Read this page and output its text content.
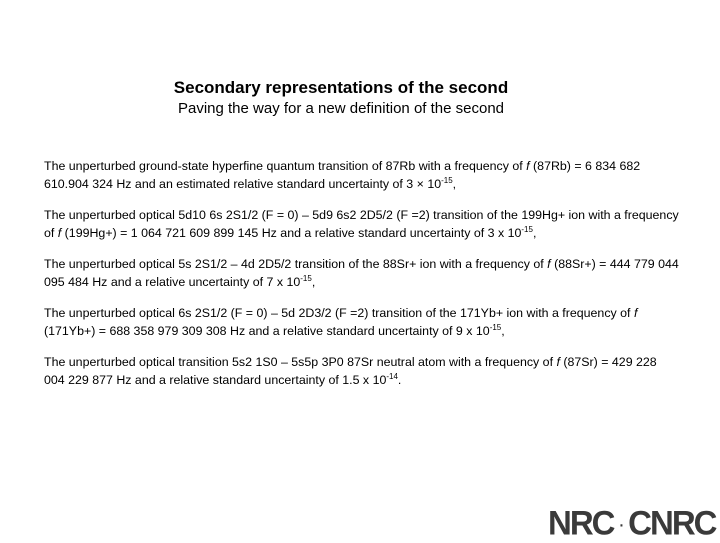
Secondary representations of the second
Paving the way for a new definition of the second

The unperturbed ground-state hyperfine quantum transition of 87Rb with a frequency of f (87Rb) = 6 834 682 610.904 324 Hz and an estimated relative standard uncertainty of $3 \times 10^{-15}$,

The unperturbed optical 5d10 6s 2S1/2 (F = 0) – 5d9 6s2 2D5/2 (F =2) transition of the 199Hg+ ion with a frequency of f (199Hg+) = 1 064 721 609 899 145 Hz and a relative standard uncertainty of 3 x $10^{-15}$,

The unperturbed optical 5s 2S1/2 – 4d 2D5/2 transition of the 88Sr+ ion with a frequency of f (88Sr+) = 444 779 044 095 484 Hz and a relative uncertainty of 7 x $10^{-15}$,

The unperturbed optical 6s 2S1/2 (F = 0) – 5d 2D3/2 (F =2) transition of the 171Yb+ ion with a frequency of f (171Yb+) = 688 358 979 309 308 Hz and a relative standard uncertainty of 9 x $10^{-15}$,

The unperturbed optical transition 5s2 1S0 – 5s5p 3P0 87Sr neutral atom with a frequency of f (87Sr) = 429 228 004 229 877 Hz and a relative standard uncertainty of 1.5 x $10^{-14}$.

NRC · CNRC
